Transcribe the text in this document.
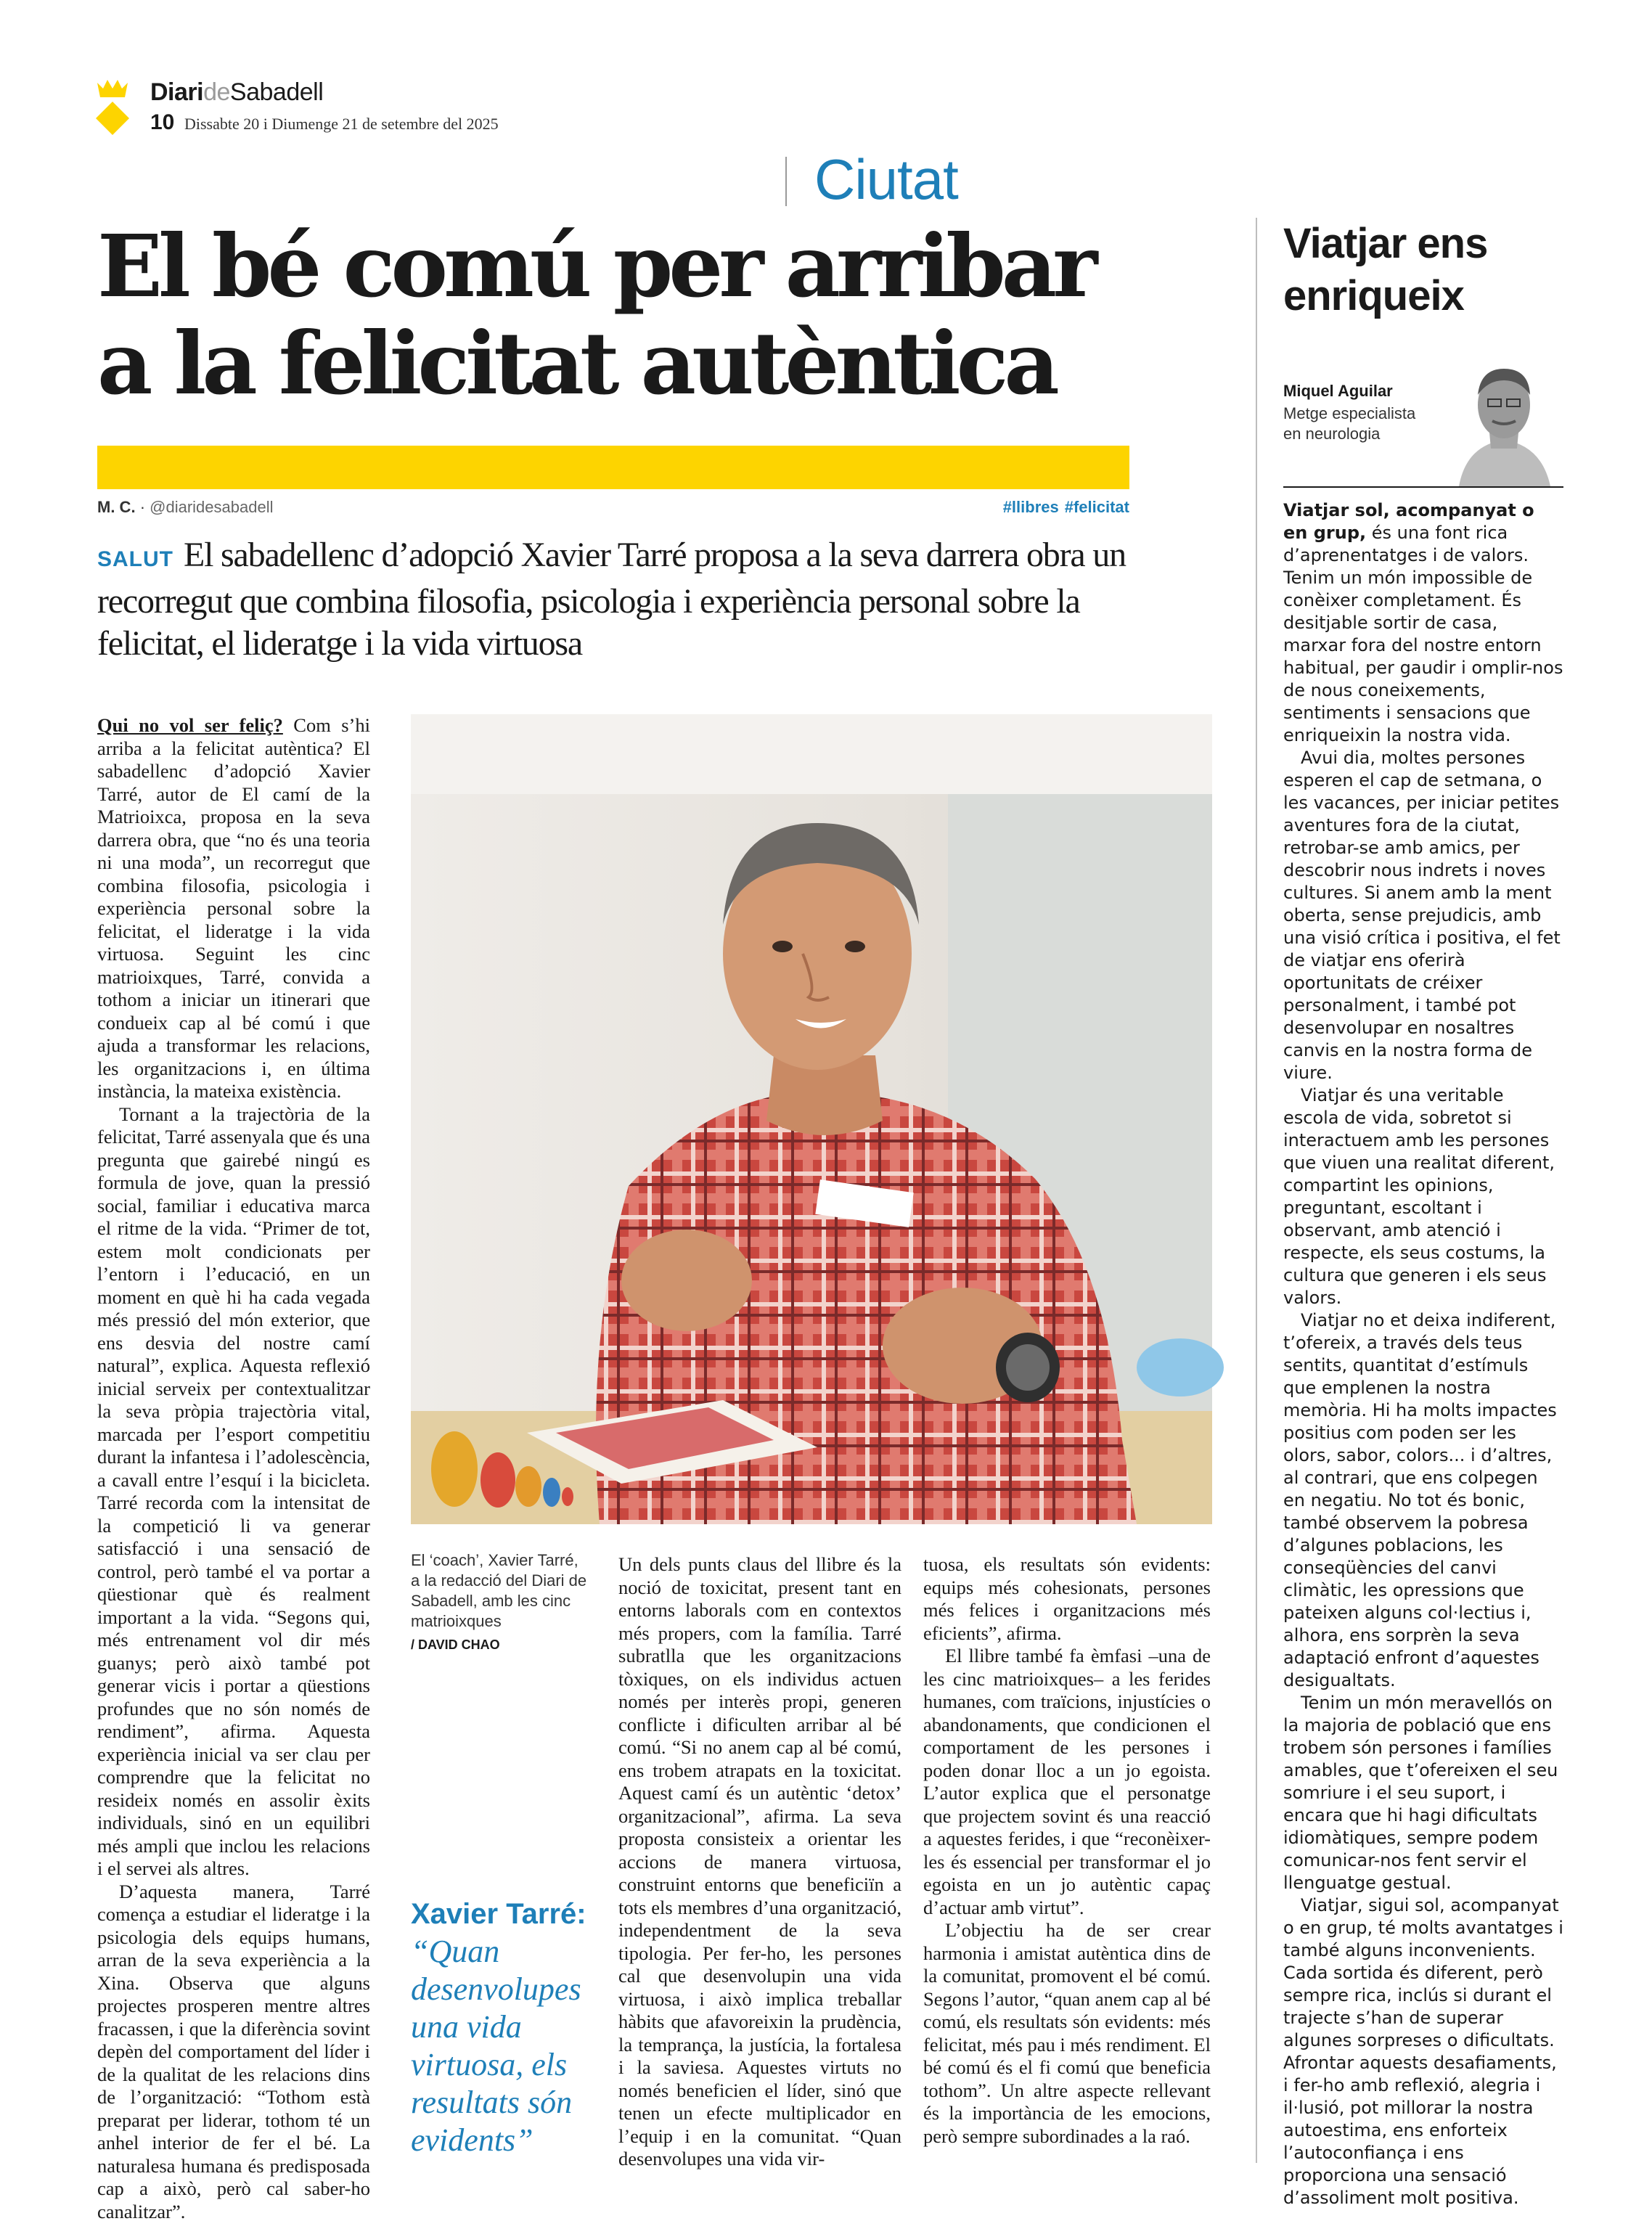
DiarideSabadell
10 Dissabte 20 i Diumenge 21 de setembre del 2025
Ciutat
El bé comú per arribar a la felicitat autèntica
M. C. · @diaridesabadell	#llibres #felicitat
SALUT El sabadellenc d’adopció Xavier Tarré proposa a la seva darrera obra un recorregut que combina filosofia, psicologia i experiència personal sobre la felicitat, el lideratge i la vida virtuosa

Qui no vol ser feliç? Com s’hi arriba a la felicitat autèntica? El sabadellenc d’adopció Xavier Tarré, autor de El camí de la Matrioixca, proposa en la seva darrera obra, que “no és una teoria ni una moda”, un recorregut que combina filosofia, psicologia i experiència personal sobre la felicitat, el lideratge i la vida virtuosa. Seguint les cinc matrioixques, Tarré, convida a tothom a iniciar un itinerari que condueix cap al bé comú i que ajuda a transformar les relacions, les organitzacions i, en última instància, la mateixa existència.

Tornant a la trajectòria de la felicitat, Tarré assenyala que és una pregunta que gairebé ningú es formula de jove, quan la pressió social, familiar i educativa marca el ritme de la vida. “Primer de tot, estem molt condicionats per l’entorn i l’educació, en un moment en què hi ha cada vegada més pressió del món exterior, que ens desvia del nostre camí natural”, explica. Aquesta reflexió inicial serveix per contextualitzar la seva pròpia trajectòria vital, marcada per l’esport competitiu durant la infantesa i l’adolescència, a cavall entre l’esquí i la bicicleta. Tarré recorda com la intensitat de la competició li va generar satisfacció i una sensació de control, però també el va portar a qüestionar què és realment important a la vida. “Segons qui, més entrenament vol dir més guanys; però això també pot generar vicis i portar a qüestions profundes que no són només de rendiment”, afirma. Aquesta experiència inicial va ser clau per comprendre que la felicitat no resideix només en assolir èxits individuals, sinó en un equilibri més ampli que inclou les relacions i el servei als altres.

D’aquesta manera, Tarré comença a estudiar el lideratge i la psicologia dels equips humans, arran de la seva experiència a la Xina. Observa que alguns projectes prosperen mentre altres fracassen, i que la diferència sovint depèn del comportament del líder i de la qualitat de les relacions dins de l’organització: “Tothom està preparat per liderar, tothom té un anhel interior de fer el bé. La naturalesa humana és predisposada cap a això, però cal saber-ho canalitzar”.

El ‘coach’, Xavier Tarré, a la redacció del Diari de Sabadell, amb les cinc matrioixques
/ DAVID CHAO
Xavier Tarré: “Quan desenvolupes una vida virtuosa, els resultats són evidents”

Un dels punts claus del llibre és la noció de toxicitat, present tant en entorns laborals com en contextos més propers, com la família. Tarré subratlla que les organitzacions tòxiques, on els individus actuen només per interès propi, generen conflicte i dificulten arribar al bé comú. “Si no anem cap al bé comú, ens trobem atrapats en la toxicitat. Aquest camí és un autèntic ‘detox’ organitzacional”, afirma. La seva proposta consisteix a orientar les accions de manera virtuosa, construint entorns que beneficiïn a tots els membres d’una organització, independentment de la seva tipologia. Per fer-ho, les persones cal que desenvolupin una vida virtuosa, i això implica treballar hàbits que afavoreixin la prudència, la temprança, la justícia, la fortalesa i la saviesa. Aquestes virtuts no només beneficien el líder, sinó que tenen un efecte multiplicador en l’equip i en la comunitat. “Quan desenvolupes una vida vir-

tuosa, els resultats són evidents: equips més cohesionats, persones més felices i organitzacions més eficients”, afirma.

El llibre també fa èmfasi –una de les cinc matrioixques– a les ferides humanes, com traïcions, injustícies o abandonaments, que condicionen el comportament de les persones i poden donar lloc a un jo egoista. L’autor explica que el personatge que projectem sovint és una reacció a aquestes ferides, i que “reconèixer-les és essencial per transformar el jo egoista en un jo autèntic capaç d’actuar amb virtut”.

L’objectiu ha de ser crear harmonia i amistat autèntica dins de la comunitat, promovent el bé comú. Segons l’autor, “quan anem cap al bé comú, els resultats són evidents: més felicitat, més pau i més rendiment. El bé comú és el fi comú que beneficia tothom”. Un altre aspecte rellevant és la importància de les emocions, però sempre subordinades a la raó.

Viatjar ens enriqueix
Miquel Aguilar
Metge especialista en neurologia

Viatjar sol, acompanyat o en grup, és una font rica d’aprenentatges i de valors. Tenim un món impossible de conèixer completament. És desitjable sortir de casa, marxar fora del nostre entorn habitual, per gaudir i omplir-nos de nous coneixements, sentiments i sensacions que enriqueixin la nostra vida.

Avui dia, moltes persones esperen el cap de setmana, o les vacances, per iniciar petites aventures fora de la ciutat, retrobar-se amb amics, per descobrir nous indrets i noves cultures. Si anem amb la ment oberta, sense prejudicis, amb una visió crítica i positiva, el fet de viatjar ens oferirà oportunitats de créixer personalment, i també pot desenvolupar en nosaltres canvis en la nostra forma de viure.

Viatjar és una veritable escola de vida, sobretot si interactuem amb les persones que viuen una realitat diferent, compartint les opinions, preguntant, escoltant i observant, amb atenció i respecte, els seus costums, la cultura que generen i els seus valors.

Viatjar no et deixa indiferent, t’ofereix, a través dels teus sentits, quantitat d’estímuls que emplenen la nostra memòria. Hi ha molts impactes positius com poden ser les olors, sabor, colors... i d’altres, al contrari, que ens colpegen en negatiu. No tot és bonic, també observem la pobresa d’algunes poblacions, les conseqüències del canvi climàtic, les opressions que pateixen alguns col·lectius i, alhora, ens sorprèn la seva adaptació enfront d’aquestes desigualtats.

Tenim un món meravellós on la majoria de població que ens trobem són persones i famílies amables, que t’ofereixen el seu somriure i el seu suport, i encara que hi hagi dificultats idiomàtiques, sempre podem comunicar-nos fent servir el llenguatge gestual.

Viatjar, sigui sol, acompanyat o en grup, té molts avantatges i també alguns inconvenients. Cada sortida és diferent, però sempre rica, inclús si durant el trajecte s’han de superar algunes sorpreses o dificultats. Afrontar aquests desafiaments, i fer-ho amb reflexió, alegria i il·lusió, pot millorar la nostra autoestima, ens enforteix l’autoconfiança i ens proporciona una sensació d’assoliment molt positiva.
